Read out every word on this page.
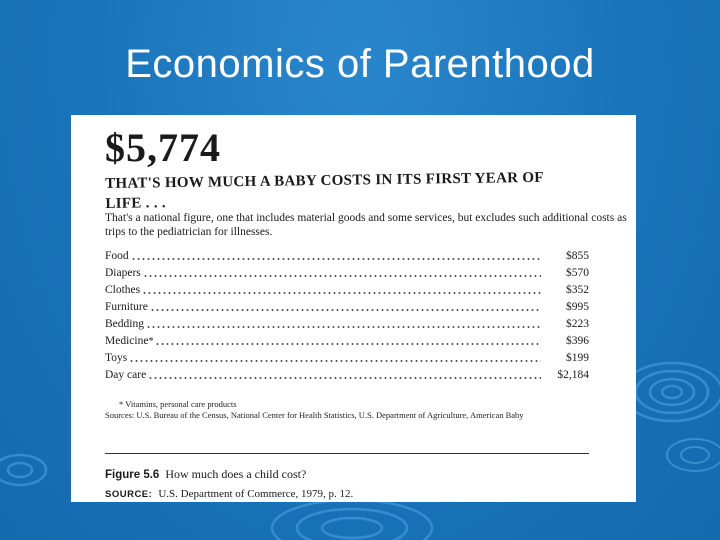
Economics of Parenthood
$5,774
THAT'S HOW MUCH A BABY COSTS IN ITS FIRST YEAR OF LIFE . . .
That's a national figure, one that includes material goods and some services, but excludes such additional costs as trips to the pediatrician for illnesses.
Food	$855
Diapers	$570
Clothes	$352
Furniture	$995
Bedding	$223
Medicine *	$396
Toys	$199
Day care	$2,184
* Vitamins, personal care products
Sources: U.S. Bureau of the Census, National Center for Health Statistics, U.S. Department of Agriculture, American Baby
Figure 5.6 How much does a child cost?
SOURCE: U.S. Department of Commerce, 1979, p. 12.
